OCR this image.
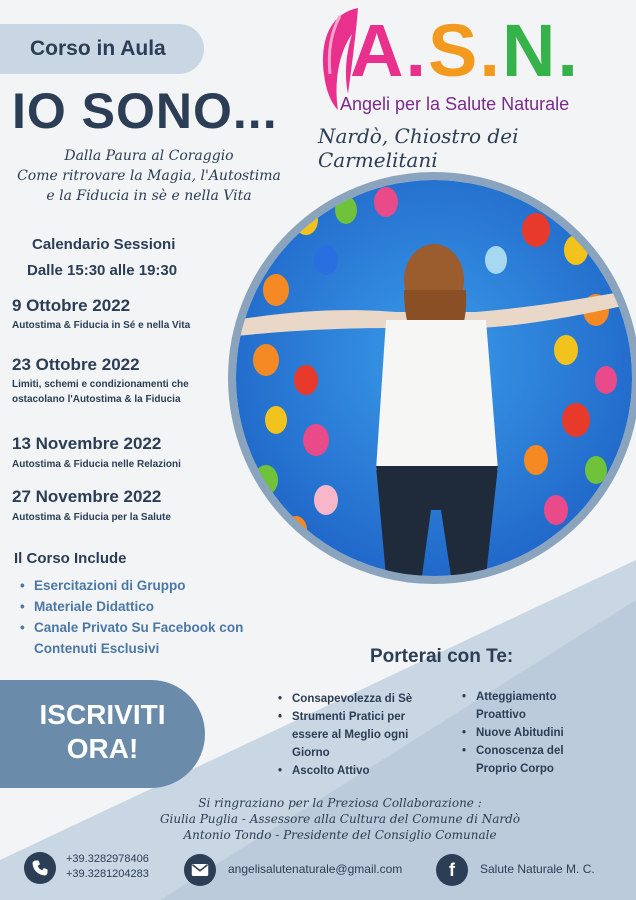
Corso in Aula
IO SONO...
Dalla Paura al Coraggio
Come ritrovare la Magia, l'Autostima
e la Fiducia in sè e nella Vita
A.S.N.
Angeli per la Salute Naturale
Nardò, Chiostro dei Carmelitani
Calendario Sessioni
Dalle 15:30 alle 19:30
9 Ottobre 2022
Autostima & Fiducia in Sé e nella Vita
23 Ottobre 2022
Limiti, schemi e condizionamenti che ostacolano l'Autostima & la Fiducia
13 Novembre 2022
Autostima & Fiducia nelle Relazioni
27 Novembre 2022
Autostima & Fiducia per la Salute
Il Corso Include
• Esercitazioni di Gruppo
• Materiale Didattico
• Canale Privato Su Facebook con Contenuti Esclusivi
ISCRIVITI
ORA!
Porterai con Te:
• Consapevolezza di Sè
• Strumenti Pratici per essere al Meglio ogni Giorno
• Ascolto Attivo
• Atteggiamento Proattivo
• Nuove Abitudini
• Conoscenza del Proprio Corpo
Si ringraziano per la Preziosa Collaborazione :
Giulia Puglia - Assessore alla Cultura del Comune di Nardò
Antonio Tondo - Presidente del Consiglio Comunale
+39.3282978406
+39.3281204283	angelisalutenaturale@gmail.com	f Salute Naturale M. C.
